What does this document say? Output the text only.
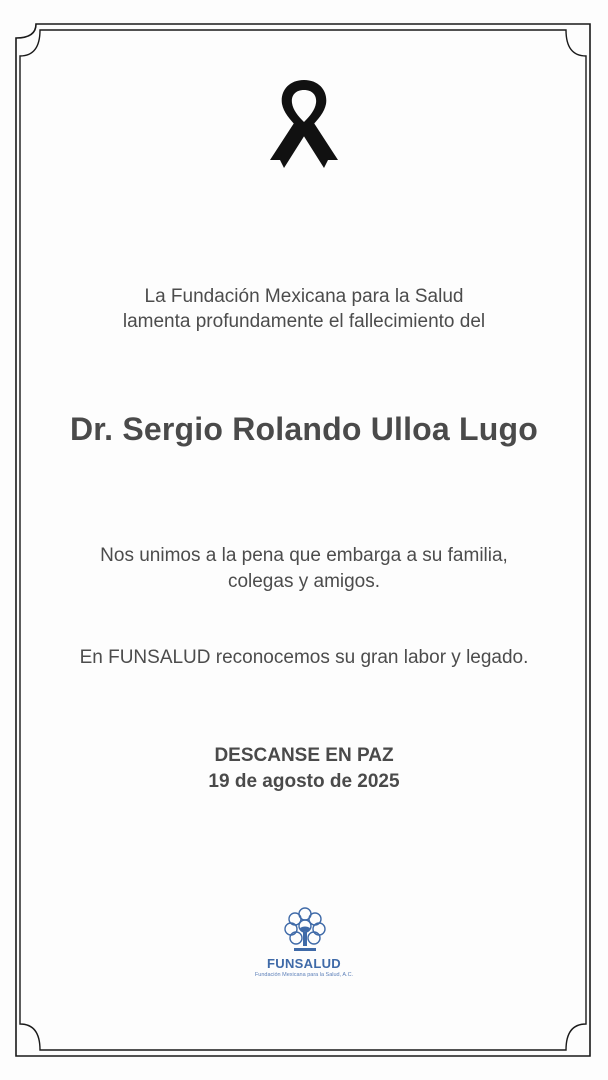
La Fundación Mexicana para la Salud
lamenta profundamente el fallecimiento del
Dr. Sergio Rolando Ulloa Lugo
Nos unimos a la pena que embarga a su familia,
colegas y amigos.
En FUNSALUD reconocemos su gran labor y legado.
DESCANSE EN PAZ
19 de agosto de 2025
FUNSALUD
Fundación Mexicana para la Salud, A.C.
